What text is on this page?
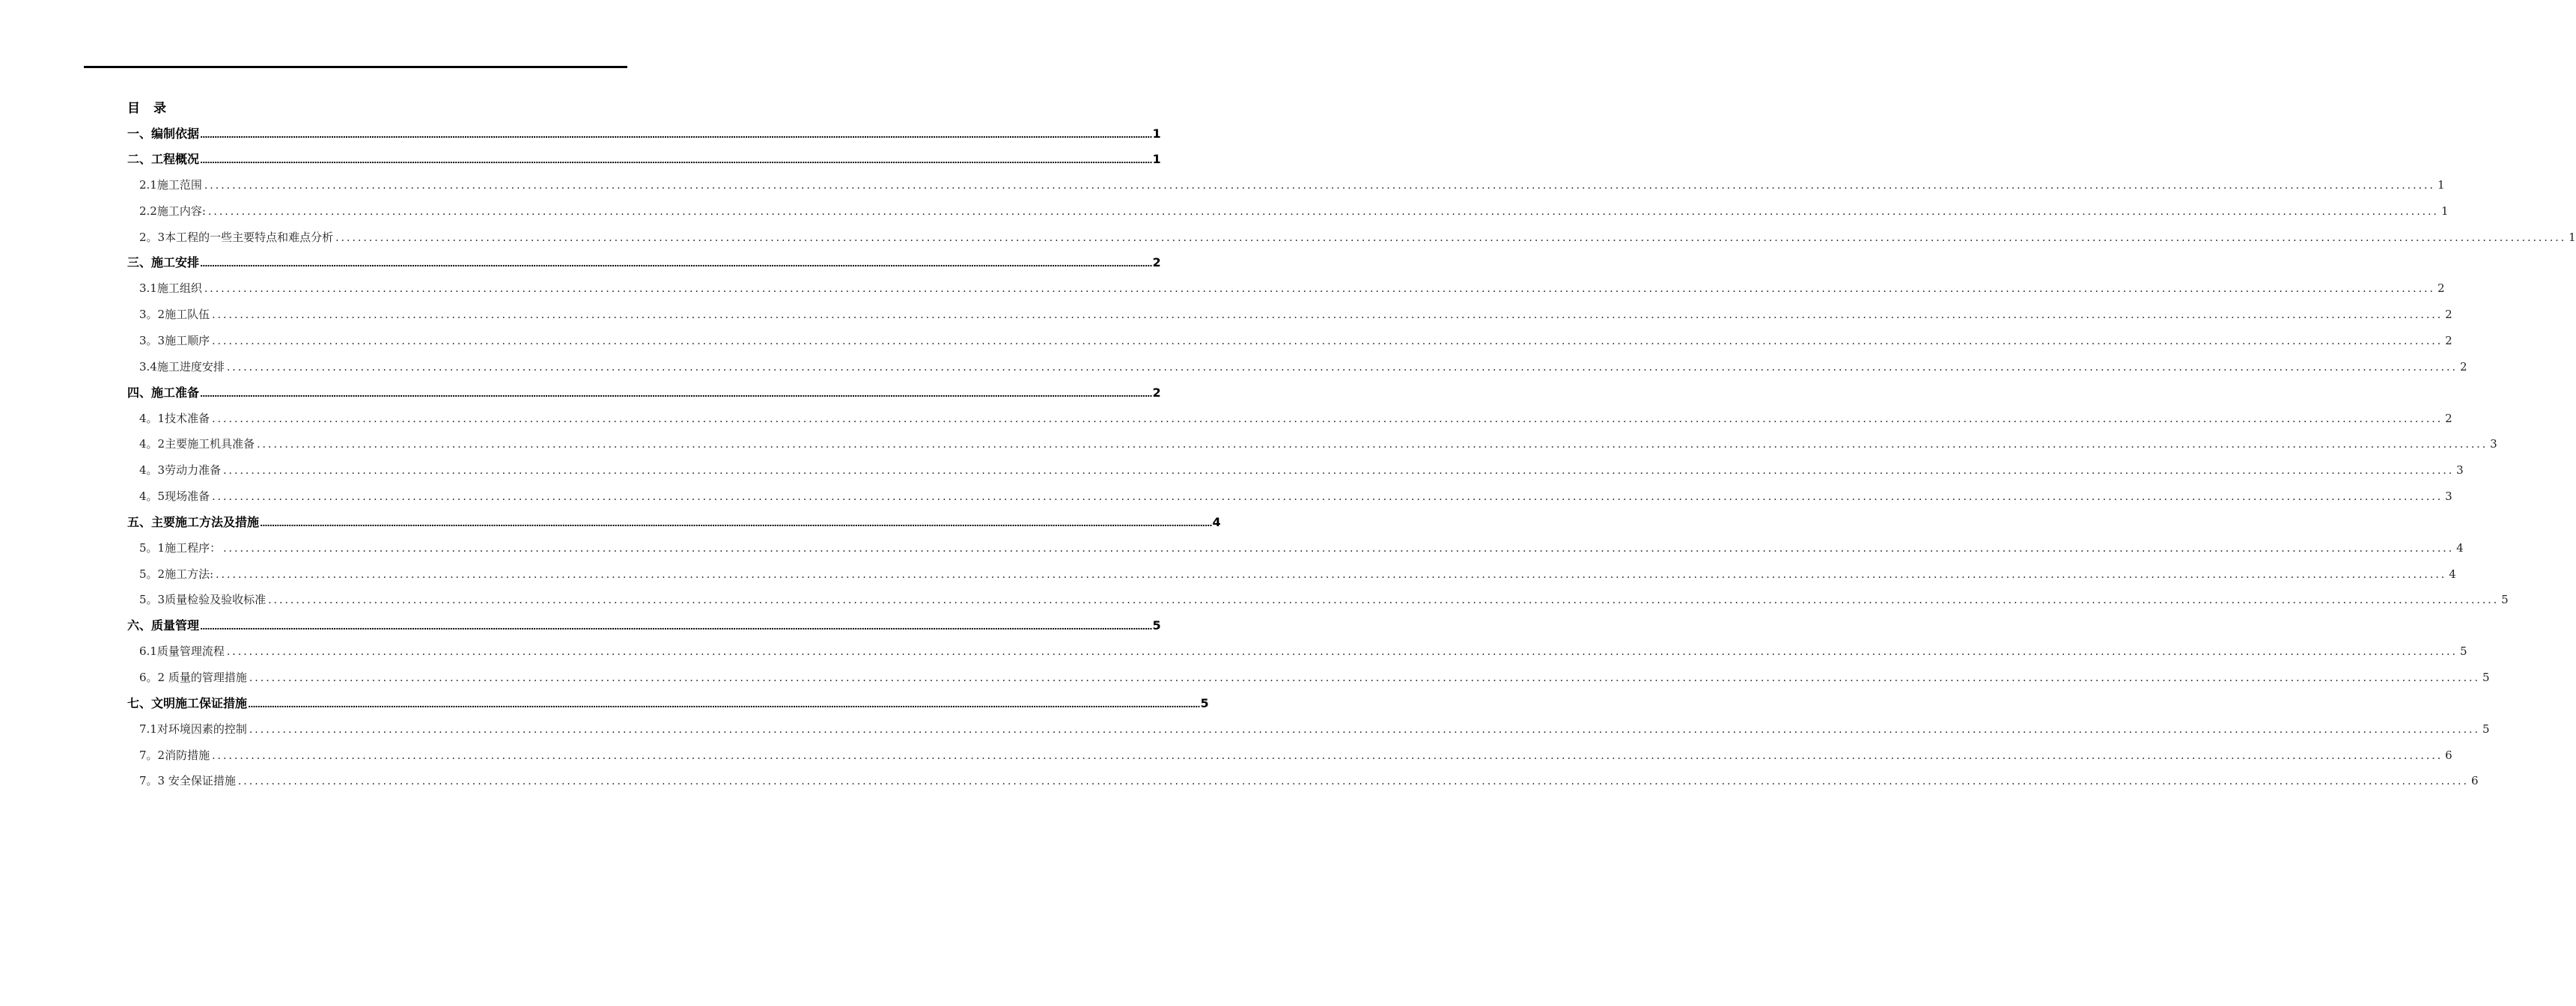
目 录
一、编制依据 ................................................................................................................................................................................................................................................................................................................................................................................................................ 1
二、工程概况 ................................................................................................................................................................................................................................................................................................................................................................................................................ 1
2.1施工范围 ................................................................................................................................................................................................................................................................................................................................................................................................................ 1
2.2施工内容: ................................................................................................................................................................................................................................................................................................................................................................................................................ 1
2。3本工程的一些主要特点和难点分析 ................................................................................................................................................................................................................................................................................................................................................................................................................ 1
三、施工安排 ................................................................................................................................................................................................................................................................................................................................................................................................................ 2
3.1施工组织 ................................................................................................................................................................................................................................................................................................................................................................................................................ 2
3。2施工队伍 ................................................................................................................................................................................................................................................................................................................................................................................................................ 2
3。3施工顺序 ................................................................................................................................................................................................................................................................................................................................................................................................................ 2
3.4施工进度安排 ................................................................................................................................................................................................................................................................................................................................................................................................................ 2
四、施工准备 ................................................................................................................................................................................................................................................................................................................................................................................................................ 2
4。1技术准备 ................................................................................................................................................................................................................................................................................................................................................................................................................ 2
4。2主要施工机具准备 ................................................................................................................................................................................................................................................................................................................................................................................................................ 3
4。3劳动力准备 ................................................................................................................................................................................................................................................................................................................................................................................................................ 3
4。5现场准备 ................................................................................................................................................................................................................................................................................................................................................................................................................ 3
五、主要施工方法及措施 ................................................................................................................................................................................................................................................................................................................................................................................................................ 4
5。1施工程序： ................................................................................................................................................................................................................................................................................................................................................................................................................ 4
5。2施工方法: ................................................................................................................................................................................................................................................................................................................................................................................................................ 4
5。3质量检验及验收标准 ................................................................................................................................................................................................................................................................................................................................................................................................................ 5
六、质量管理 ................................................................................................................................................................................................................................................................................................................................................................................................................ 5
6.1质量管理流程 ................................................................................................................................................................................................................................................................................................................................................................................................................ 5
6。2 质量的管理措施 ................................................................................................................................................................................................................................................................................................................................................................................................................ 5
七、文明施工保证措施 ................................................................................................................................................................................................................................................................................................................................................................................................................ 5
7.1对环境因素的控制 ................................................................................................................................................................................................................................................................................................................................................................................................................ 5
7。2消防措施 ................................................................................................................................................................................................................................................................................................................................................................................................................ 6
7。3 安全保证措施 ................................................................................................................................................................................................................................................................................................................................................................................................................ 6
